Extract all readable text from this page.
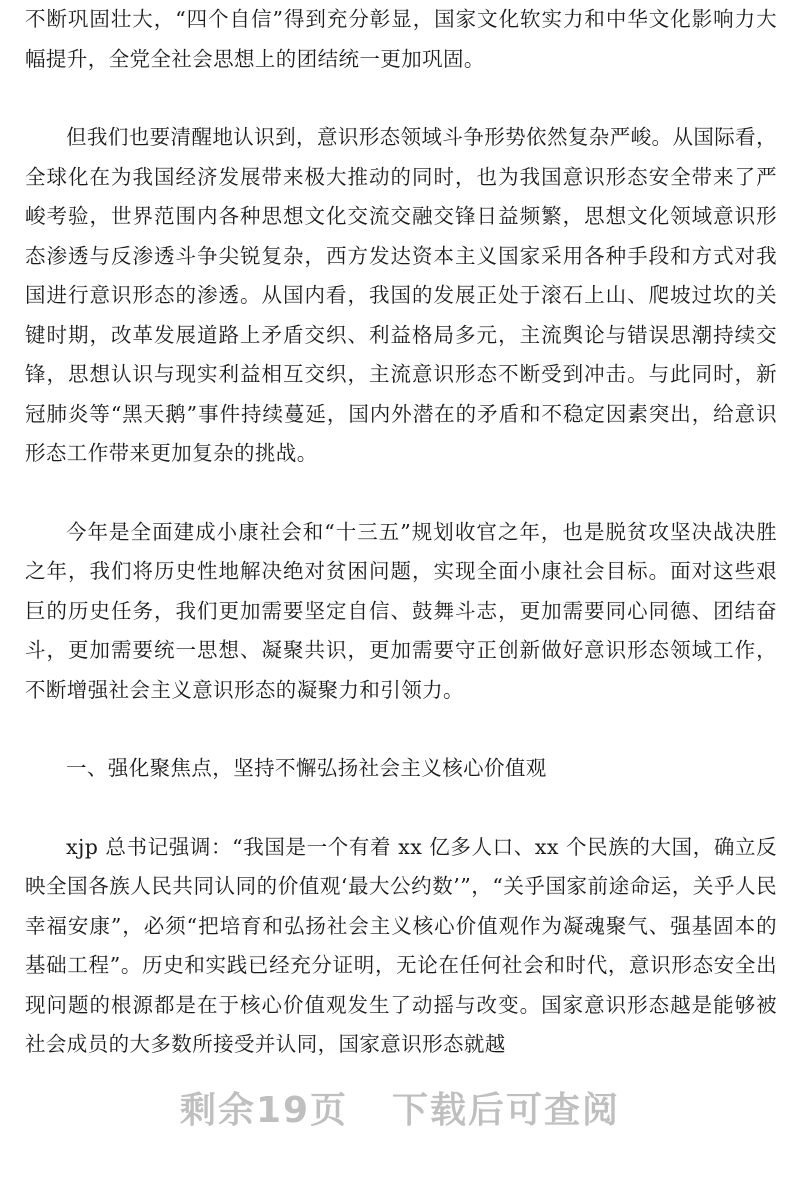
不断巩固壮大，“四个自信”得到充分彰显，国家文化软实力和中华文化影响力大幅提升，全党全社会思想上的团结统一更加巩固。

但我们也要清醒地认识到，意识形态领域斗争形势依然复杂严峻。从国际看，全球化在为我国经济发展带来极大推动的同时，也为我国意识形态安全带来了严峻考验，世界范围内各种思想文化交流交融交锋日益频繁，思想文化领域意识形态渗透与反渗透斗争尖锐复杂，西方发达资本主义国家采用各种手段和方式对我国进行意识形态的渗透。从国内看，我国的发展正处于滚石上山、爬坡过坎的关键时期，改革发展道路上矛盾交织、利益格局多元，主流舆论与错误思潮持续交锋，思想认识与现实利益相互交织，主流意识形态不断受到冲击。与此同时，新冠肺炎等“黑天鹅”事件持续蔓延，国内外潜在的矛盾和不稳定因素突出，给意识形态工作带来更加复杂的挑战。

今年是全面建成小康社会和“十三五”规划收官之年，也是脱贫攻坚决战决胜之年，我们将历史性地解决绝对贫困问题，实现全面小康社会目标。面对这些艰巨的历史任务，我们更加需要坚定自信、鼓舞斗志，更加需要同心同德、团结奋斗，更加需要统一思想、凝聚共识，更加需要守正创新做好意识形态领域工作，不断增强社会主义意识形态的凝聚力和引领力。

一、强化聚焦点，坚持不懈弘扬社会主义核心价值观

xjp 总书记强调：“我国是一个有着 xx 亿多人口、xx 个民族的大国，确立反映全国各族人民共同认同的价值观‘最大公约数’”，“关乎国家前途命运，关乎人民幸福安康”，必须“把培育和弘扬社会主义核心价值观作为凝魂聚气、强基固本的基础工程”。历史和实践已经充分证明，无论在任何社会和时代，意识形态安全出现问题的根源都是在于核心价值观发生了动摇与改变。国家意识形态越是能够被社会成员的大多数所接受并认同，国家意识形态就越

剩余19页 下载后可查阅
